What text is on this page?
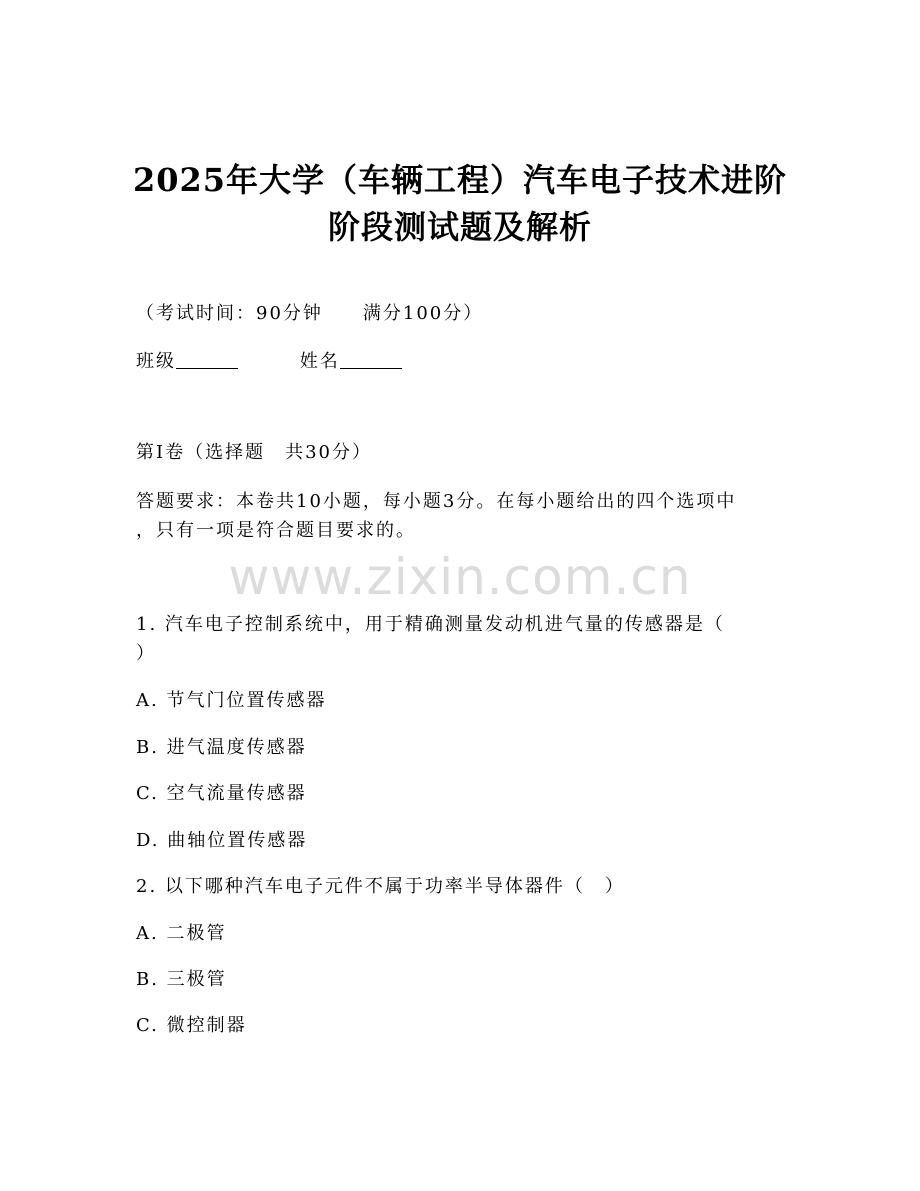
2025年大学（车辆工程）汽车电子技术进阶
阶段测试题及解析
（考试时间：90分钟 满分100分）
班级	姓名
第I卷（选择题　共30分）
答题要求：本卷共10小题，每小题3分。在每小题给出的四个选项中
，只有一项是符合题目要求的。
www.zixin.com.cn
1. 汽车电子控制系统中，用于精确测量发动机进气量的传感器是（
）
A. 节气门位置传感器
B. 进气温度传感器
C. 空气流量传感器
D. 曲轴位置传感器
2. 以下哪种汽车电子元件不属于功率半导体器件（　）
A. 二极管
B. 三极管
C. 微控制器
